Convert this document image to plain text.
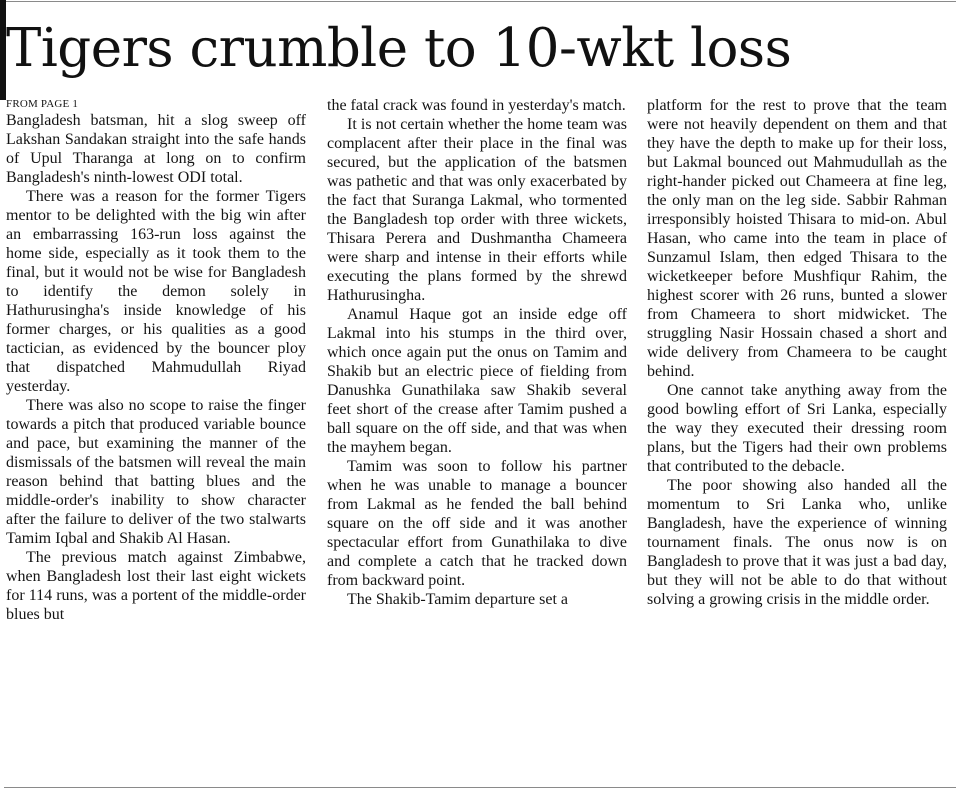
Tigers crumble to 10-wkt loss
FROM PAGE 1

Bangladesh batsman, hit a slog sweep off Lakshan Sandakan straight into the safe hands of Upul Tharanga at long on to confirm Bangladesh's ninth-lowest ODI total.

There was a reason for the former Tigers mentor to be delighted with the big win after an embarrassing 163-run loss against the home side, especially as it took them to the final, but it would not be wise for Bangladesh to identify the demon solely in Hathurusingha's inside knowledge of his former charges, or his qualities as a good tactician, as evidenced by the bouncer ploy that dispatched Mahmudullah Riyad yesterday.

There was also no scope to raise the finger towards a pitch that produced variable bounce and pace, but examining the manner of the dismissals of the batsmen will reveal the main reason behind that batting blues and the middle-order's inability to show character after the failure to deliver of the two stalwarts Tamim Iqbal and Shakib Al Hasan.

The previous match against Zimbabwe, when Bangladesh lost their last eight wickets for 114 runs, was a portent of the middle-order blues but

the fatal crack was found in yesterday's match.

It is not certain whether the home team was complacent after their place in the final was secured, but the application of the batsmen was pathetic and that was only exacerbated by the fact that Suranga Lakmal, who tormented the Bangladesh top order with three wickets, Thisara Perera and Dushmantha Chameera were sharp and intense in their efforts while executing the plans formed by the shrewd Hathurusingha.

Anamul Haque got an inside edge off Lakmal into his stumps in the third over, which once again put the onus on Tamim and Shakib but an electric piece of fielding from Danushka Gunathilaka saw Shakib several feet short of the crease after Tamim pushed a ball square on the off side, and that was when the mayhem began.

Tamim was soon to follow his partner when he was unable to manage a bouncer from Lakmal as he fended the ball behind square on the off side and it was another spectacular effort from Gunathilaka to dive and complete a catch that he tracked down from backward point.

The Shakib-Tamim departure set a

platform for the rest to prove that the team were not heavily dependent on them and that they have the depth to make up for their loss, but Lakmal bounced out Mahmudullah as the right-hander picked out Chameera at fine leg, the only man on the leg side. Sabbir Rahman irresponsibly hoisted Thisara to mid-on. Abul Hasan, who came into the team in place of Sunzamul Islam, then edged Thisara to the wicketkeeper before Mushfiqur Rahim, the highest scorer with 26 runs, bunted a slower from Chameera to short midwicket. The struggling Nasir Hossain chased a short and wide delivery from Chameera to be caught behind.

One cannot take anything away from the good bowling effort of Sri Lanka, especially the way they executed their dressing room plans, but the Tigers had their own problems that contributed to the debacle.

The poor showing also handed all the momentum to Sri Lanka who, unlike Bangladesh, have the experience of winning tournament finals. The onus now is on Bangladesh to prove that it was just a bad day, but they will not be able to do that without solving a growing crisis in the middle order.
